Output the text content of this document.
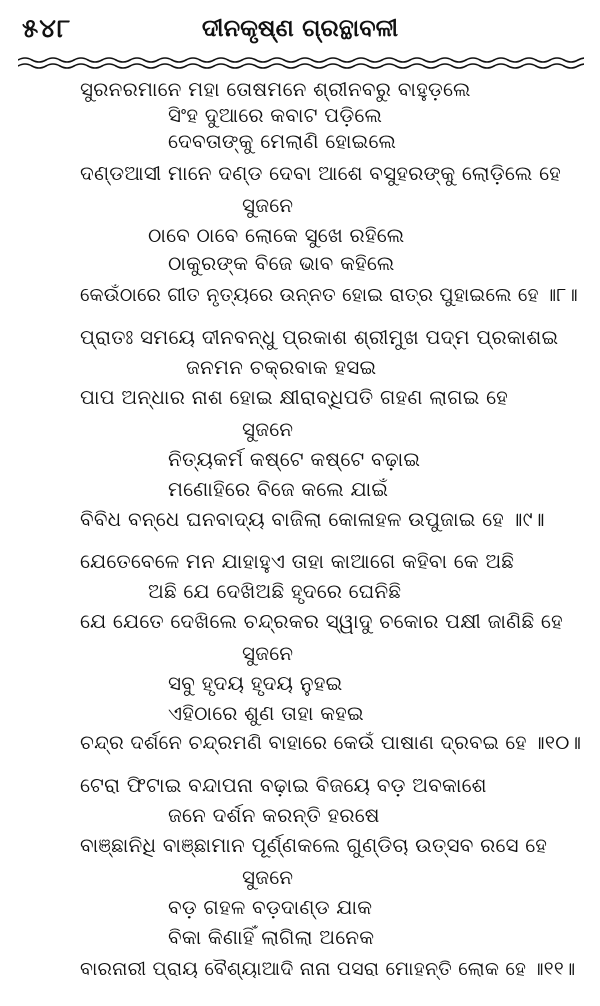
୫୪୮	ଦୀନକୃଷ୍ଣ ଗ୍ରନ୍ଥାବଳୀ
ସୁରନରମାନେ ମହା ତୋଷମନେ ଶ୍ରୀନବରୁ ବାହୁଡ଼ଲେ
ସିଂହ ଦୁଆରେ କବାଟ ପଡ଼ିଲେ
ଦେବତାଙ୍କୁ ମେଲାଣି ହୋଇଲେ
ଦଣ୍ଡଆସୀ ମାନେ ଦଣ୍ଡ ଦେବା ଆଶେ ବସୁହରଙ୍କୁ ଲୋଡ଼ିଲେ ହେ
ସୁଜନେ
ଠାବେ ଠାବେ ଲୋକେ ସୁଖେ ରହିଲେ
ଠାକୁରଙ୍କ ବିଜେ ଭାବ କହିଲେ
କେଉଁଠାରେ ଗୀତ ନୃତ୍ୟରେ ଉନ୍ନତ ହୋଇ ରାତ୍ର ପୁହାଇଲେ ହେ ॥୮॥
ପ୍ରାତଃ ସମୟେ ଦୀନବନ୍ଧୁ ପ୍ରକାଶ ଶ୍ରୀମୁଖ ପଦ୍ମ ପ୍ରକାଶଇ
ଜନମନ ଚକ୍ରବାକ ହସଇ
ପାପ ଅନ୍ଧାର ନାଶ ହୋଇ କ୍ଷୀରାବ୍ଧିପତି ଗହଣ ଲାଗଇ ହେ
ସୁଜନେ
ନିତ୍ୟକର୍ମ କଷ୍ଟେ କଷ୍ଟେ ବଢ଼ାଇ
ମଣୋହିରେ ବିଜେ କଲେ ଯାଇଁ
ବିବିଧ ବନ୍ଧେ ଘନବାଦ୍ୟ ବାଜିଲା କୋଳାହଳ ଉପୁଜାଇ ହେ ॥୯॥
ଯେତେବେଳେ ମନ ଯାହାହୁଏ ତାହା କାଆଗେ କହିବା କେ ଅଛି
ଅଛି ଯେ ଦେଖିଅଛି ହୃଦରେ ଘେନିଛି
ଯେ ଯେତେ ଦେଖିଲେ ଚନ୍ଦ୍ରକର ସ୍ୱାଦୁ ଚକୋର ପକ୍ଷୀ ଜାଣିଛି ହେ
ସୁଜନେ
ସବୁ ହୃଦୟ ହୃଦୟ ନୁହଇ
ଏହିଠାରେ ଶୁଣ ତାହା କହଇ
ଚନ୍ଦ୍ର ଦର୍ଶନେ ଚନ୍ଦ୍ରମଣି ବାହାରେ କେଉଁ ପାଷାଣ ଦ୍ରବଇ ହେ ॥୧୦॥
ଟେରା ଫିଟାଇ ବନ୍ଦାପନା ବଢ଼ାଇ ବିଜୟେ ବଡ଼ ଅବକାଶେ
ଜନେ ଦର୍ଶନ କରନ୍ତି ହରଷେ
ବାଞ୍ଛାନିଧି ବାଞ୍ଛାମାନ ପୂର୍ଣ୍ଣକଲେ ଗୁଣ୍ଡିଚା ଉତ୍ସବ ରସେ ହେ
ସୁଜନେ
ବଡ଼ ଗହଳ ବଡ଼ଦାଣ୍ଡ ଯାକ
ବିକା କିଣାହିଁ ଲାଗିଲା ଅନେକ
ବାରନାରୀ ପ୍ରାୟ ବୈଶ୍ୟାଆଦି ନାନା ପସରା ମୋହନ୍ତି ଲୋକ ହେ ॥୧୧॥
